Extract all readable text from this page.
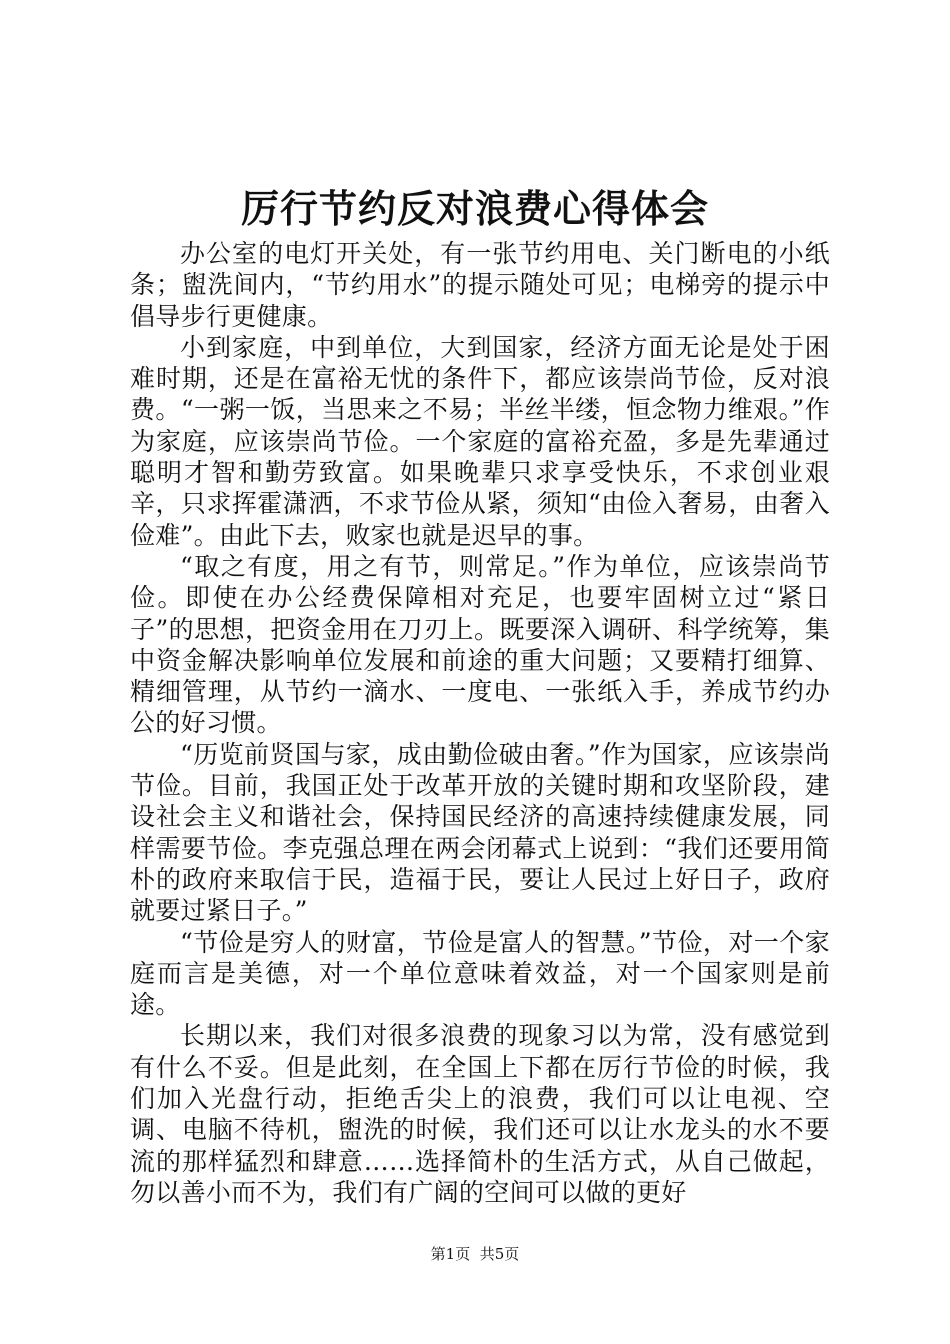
厉行节约反对浪费心得体会

办公室的电灯开关处，有一张节约用电、关门断电的小纸条；盥洗间内，“节约用水”的提示随处可见；电梯旁的提示中倡导步行更健康。

小到家庭，中到单位，大到国家，经济方面无论是处于困难时期，还是在富裕无忧的条件下，都应该崇尚节俭，反对浪费。“一粥一饭，当思来之不易；半丝半缕，恒念物力维艰。”作为家庭，应该崇尚节俭。一个家庭的富裕充盈，多是先辈通过聪明才智和勤劳致富。如果晚辈只求享受快乐，不求创业艰辛，只求挥霍潇洒，不求节俭从紧，须知“由俭入奢易，由奢入俭难”。由此下去，败家也就是迟早的事。

“取之有度，用之有节，则常足。”作为单位，应该崇尚节俭。即使在办公经费保障相对充足，也要牢固树立过“紧日子”的思想，把资金用在刀刃上。既要深入调研、科学统筹，集中资金解决影响单位发展和前途的重大问题；又要精打细算、精细管理，从节约一滴水、一度电、一张纸入手，养成节约办公的好习惯。

“历览前贤国与家，成由勤俭破由奢。”作为国家，应该崇尚节俭。目前，我国正处于改革开放的关键时期和攻坚阶段，建设社会主义和谐社会，保持国民经济的高速持续健康发展，同样需要节俭。李克强总理在两会闭幕式上说到：“我们还要用简朴的政府来取信于民，造福于民，要让人民过上好日子，政府就要过紧日子。”

“节俭是穷人的财富，节俭是富人的智慧。”节俭，对一个家庭而言是美德，对一个单位意味着效益，对一个国家则是前途。

长期以来，我们对很多浪费的现象习以为常，没有感觉到有什么不妥。但是此刻，在全国上下都在厉行节俭的时候，我们加入光盘行动，拒绝舌尖上的浪费，我们可以让电视、空调、电脑不待机，盥洗的时候，我们还可以让水龙头的水不要流的那样猛烈和肆意……选择简朴的生活方式，从自己做起，勿以善小而不为，我们有广阔的空间可以做的更好

第1页 共5页
